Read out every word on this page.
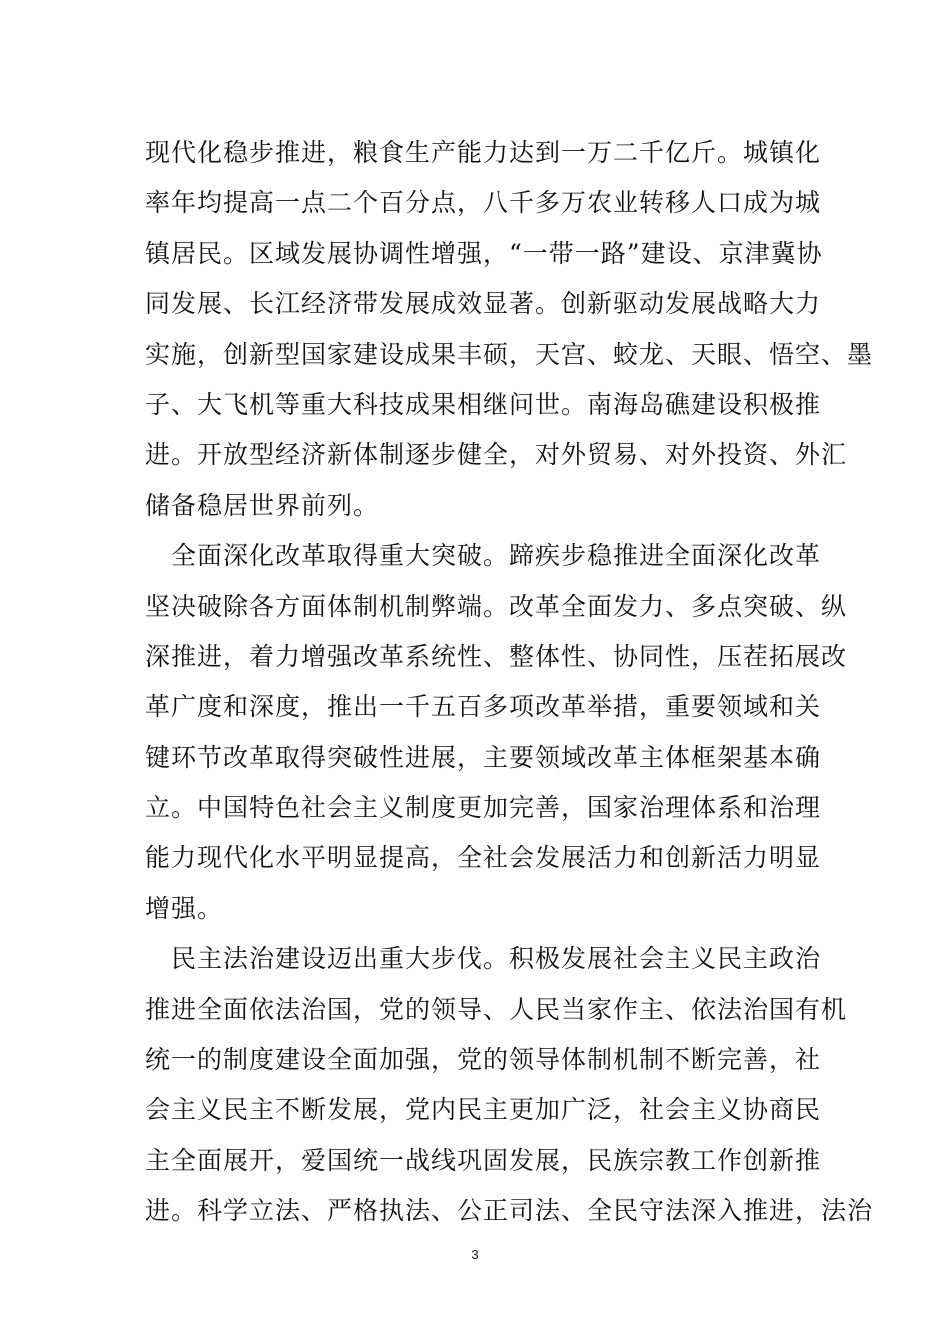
现代化稳步推进，粮食生产能力达到一万二千亿斤。城镇化
率年均提高一点二个百分点，八千多万农业转移人口成为城
镇居民。区域发展协调性增强，“一带一路”建设、京津冀协
同发展、长江经济带发展成效显著。创新驱动发展战略大力
实施，创新型国家建设成果丰硕，天宫、蛟龙、天眼、悟空、墨
子、大飞机等重大科技成果相继问世。南海岛礁建设积极推
进。开放型经济新体制逐步健全，对外贸易、对外投资、外汇
储备稳居世界前列。
　全面深化改革取得重大突破。蹄疾步稳推进全面深化改革
坚决破除各方面体制机制弊端。改革全面发力、多点突破、纵
深推进，着力增强改革系统性、整体性、协同性，压茬拓展改
革广度和深度，推出一千五百多项改革举措，重要领域和关
键环节改革取得突破性进展，主要领域改革主体框架基本确
立。中国特色社会主义制度更加完善，国家治理体系和治理
能力现代化水平明显提高，全社会发展活力和创新活力明显
增强。
　民主法治建设迈出重大步伐。积极发展社会主义民主政治
推进全面依法治国，党的领导、人民当家作主、依法治国有机
统一的制度建设全面加强，党的领导体制机制不断完善，社
会主义民主不断发展，党内民主更加广泛，社会主义协商民
主全面展开，爱国统一战线巩固发展，民族宗教工作创新推
进。科学立法、严格执法、公正司法、全民守法深入推进，法治
3
